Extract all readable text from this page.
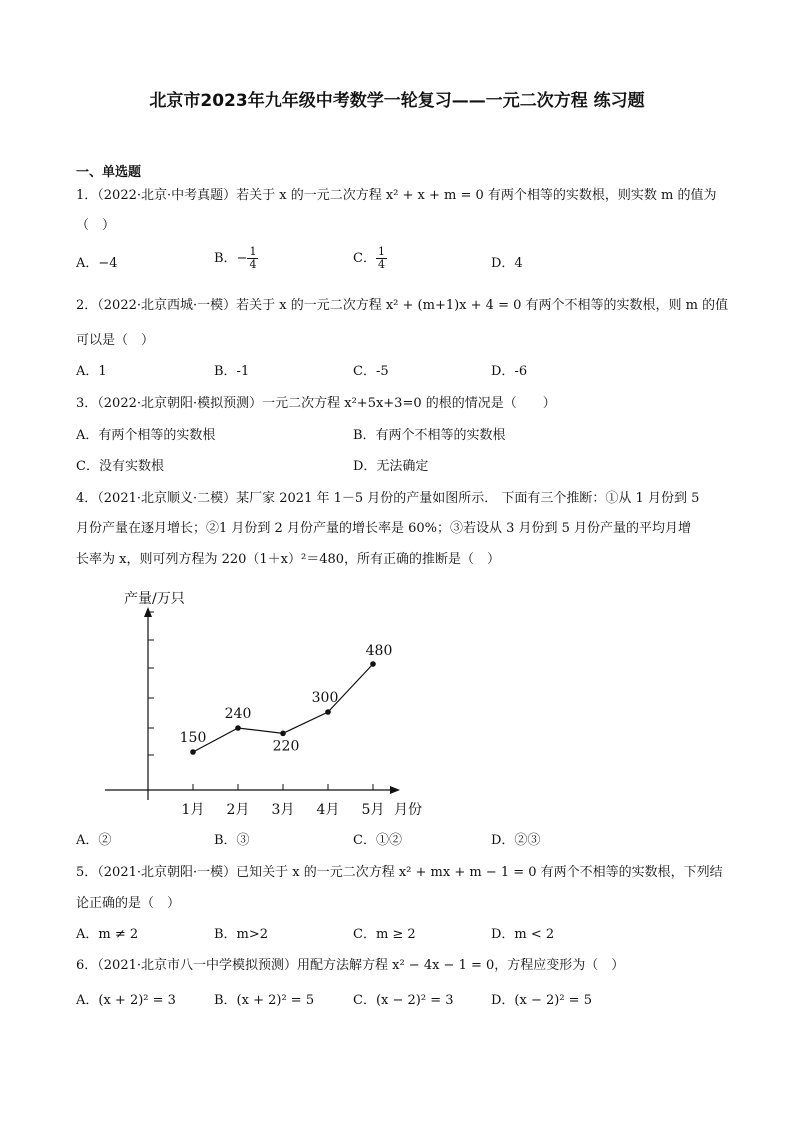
北京市2023年九年级中考数学一轮复习——一元二次方程 练习题
一、单选题
1．（2022·北京·中考真题）若关于 x 的一元二次方程 x² + x + m = 0 有两个相等的实数根，则实数 m 的值为
（　）
A．−4	B．− $\frac{1}{4}$	C． $\frac{1}{4}$	D．4
2．（2022·北京西城·一模）若关于 x 的一元二次方程 x² + (m+1)x + 4 = 0 有两个不相等的实数根，则 m 的值
可以是（　）
A．1	B．-1	C．-5	D．-6
3．（2022·北京朝阳·模拟预测）一元二次方程 x²+5x+3=0 的根的情况是（　　）
A．有两个相等的实数根	B．有两个不相等的实数根
C．没有实数根	D．无法确定
4．（2021·北京顺义·二模）某厂家 2021 年 1－5 月份的产量如图所示． 下面有三个推断：①从 1 月份到 5
月份产量在逐月增长；②1 月份到 2 月份产量的增长率是 60%；③若设从 3 月份到 5 月份产量的平均月增
长率为 x，则可列方程为 220（1＋x）²＝480，所有正确的推断是（　）
产量/万只
月份
1月 2月 3月 4月 5月
150
240
220
300
480
A．②	B．③	C．①②	D．②③
5．（2021·北京朝阳·一模）已知关于 x 的一元二次方程 x² + mx + m − 1 = 0 有两个不相等的实数根，下列结
论正确的是（　）
A．m ≠ 2	B．m>2	C．m ≥ 2	D．m < 2
6．（2021·北京市八一中学模拟预测）用配方法解方程 x² − 4x − 1 = 0，方程应变形为（　）
A．(x + 2)² = 3	B．(x + 2)² = 5	C．(x − 2)² = 3	D．(x − 2)² = 5
